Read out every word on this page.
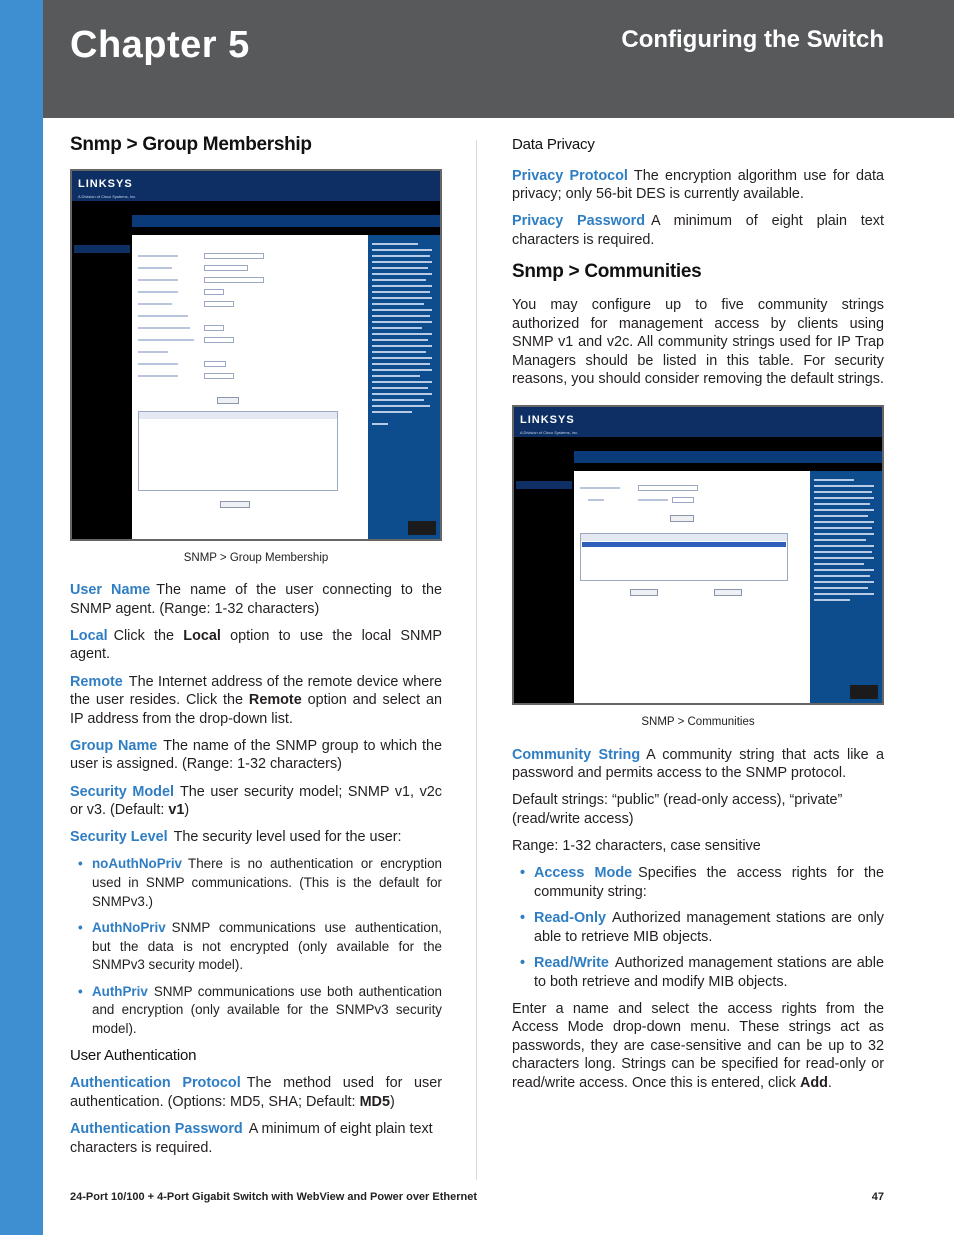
Chapter 5	Configuring the Switch
Snmp > Group Membership
LINKSYS
A Division of Cisco Systems, Inc.
SNMP > Group Membership

User Name The name of the user connecting to the SNMP agent. (Range: 1-32 characters)

Local Click the Local option to use the local SNMP agent.

Remote The Internet address of the remote device where the user resides. Click the Remote option and select an IP address from the drop-down list.

Group Name The name of the SNMP group to which the user is assigned. (Range: 1-32 characters)

Security Model The user security model; SNMP v1, v2c or v3. (Default: v1)

Security Level The security level used for the user:

• noAuthNoPriv There is no authentication or encryption used in SNMP communications. (This is the default for SNMPv3.)
• AuthNoPriv SNMP communications use authentication, but the data is not encrypted (only available for the SNMPv3 security model).
• AuthPriv SNMP communications use both authentication and encryption (only available for the SNMPv3 security model).
User Authentication

Authentication Protocol The method used for user authentication. (Options: MD5, SHA; Default: MD5)

Authentication Password A minimum of eight plain text characters is required.

Data Privacy

Privacy Protocol The encryption algorithm use for data privacy; only 56-bit DES is currently available.

Privacy Password A minimum of eight plain text characters is required.

Snmp > Communities

You may configure up to five community strings authorized for management access by clients using SNMP v1 and v2c. All community strings used for IP Trap Managers should be listed in this table. For security reasons, you should consider removing the default strings.

LINKSYS
A Division of Cisco Systems, Inc.
SNMP > Communities

Community String A community string that acts like a password and permits access to the SNMP protocol.

Default strings: “public” (read-only access), “private” (read/write access)

Range: 1-32 characters, case sensitive

• Access Mode Specifies the access rights for the community string:
• Read-Only Authorized management stations are only able to retrieve MIB objects.
• Read/Write Authorized management stations are able to both retrieve and modify MIB objects.

Enter a name and select the access rights from the Access Mode drop-down menu. These strings act as passwords, they are case-sensitive and can be up to 32 characters long. Strings can be specified for read-only or read/write access. Once this is entered, click Add.

24-Port 10/100 + 4-Port Gigabit Switch with WebView and Power over Ethernet	47
